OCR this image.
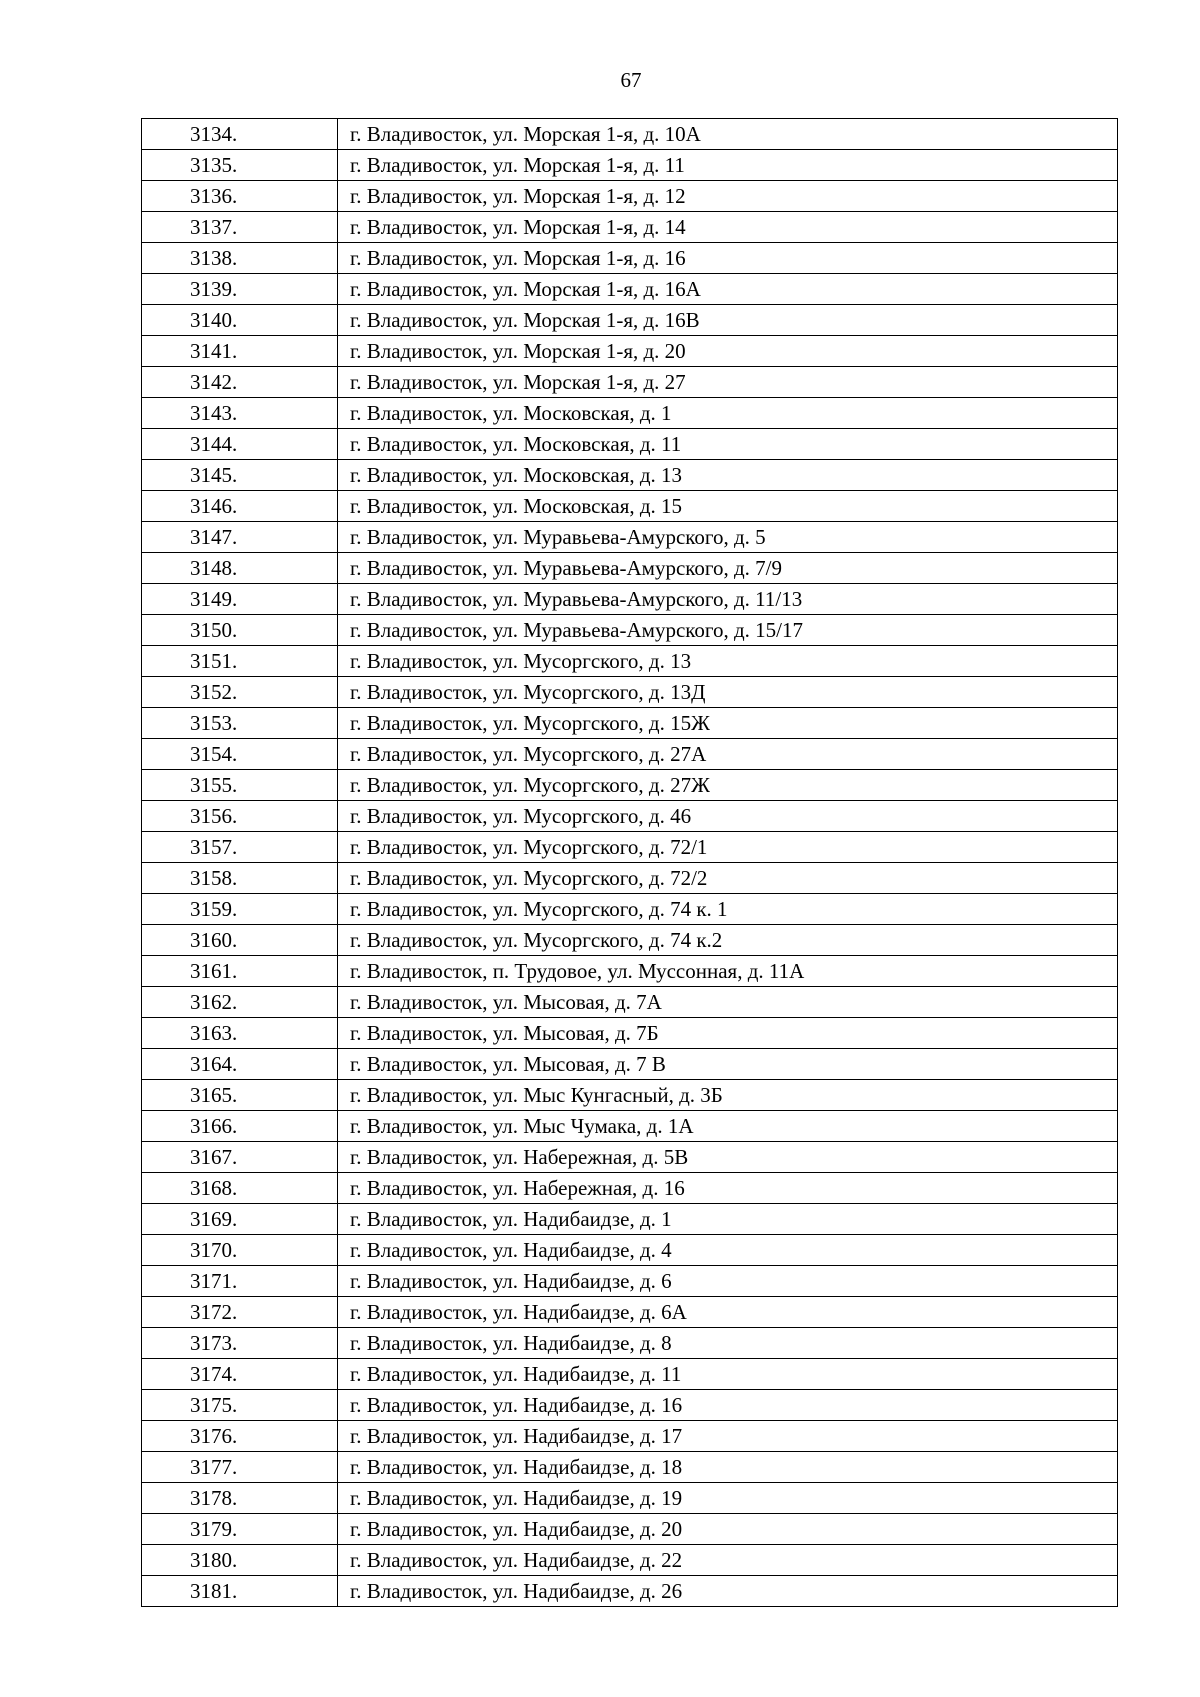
67
3134.	г. Владивосток, ул. Морская 1-я, д. 10А
3135.	г. Владивосток, ул. Морская 1-я, д. 11
3136.	г. Владивосток, ул. Морская 1-я, д. 12
3137.	г. Владивосток, ул. Морская 1-я, д. 14
3138.	г. Владивосток, ул. Морская 1-я, д. 16
3139.	г. Владивосток, ул. Морская 1-я, д. 16А
3140.	г. Владивосток, ул. Морская 1-я, д. 16В
3141.	г. Владивосток, ул. Морская 1-я, д. 20
3142.	г. Владивосток, ул. Морская 1-я, д. 27
3143.	г. Владивосток, ул. Московская, д. 1
3144.	г. Владивосток, ул. Московская, д. 11
3145.	г. Владивосток, ул. Московская, д. 13
3146.	г. Владивосток, ул. Московская, д. 15
3147.	г. Владивосток, ул. Муравьева-Амурского, д. 5
3148.	г. Владивосток, ул. Муравьева-Амурского, д. 7/9
3149.	г. Владивосток, ул. Муравьева-Амурского, д. 11/13
3150.	г. Владивосток, ул. Муравьева-Амурского, д. 15/17
3151.	г. Владивосток, ул. Мусоргского, д. 13
3152.	г. Владивосток, ул. Мусоргского, д. 13Д
3153.	г. Владивосток, ул. Мусоргского, д. 15Ж
3154.	г. Владивосток, ул. Мусоргского, д. 27А
3155.	г. Владивосток, ул. Мусоргского, д. 27Ж
3156.	г. Владивосток, ул. Мусоргского, д. 46
3157.	г. Владивосток, ул. Мусоргского, д. 72/1
3158.	г. Владивосток, ул. Мусоргского, д. 72/2
3159.	г. Владивосток, ул. Мусоргского, д. 74 к. 1
3160.	г. Владивосток, ул. Мусоргского, д. 74 к.2
3161.	г. Владивосток, п. Трудовое, ул. Муссонная, д. 11А
3162.	г. Владивосток, ул. Мысовая, д. 7А
3163.	г. Владивосток, ул. Мысовая, д. 7Б
3164.	г. Владивосток, ул. Мысовая, д. 7 В
3165.	г. Владивосток, ул. Мыс Кунгасный, д. 3Б
3166.	г. Владивосток, ул. Мыс Чумака, д. 1А
3167.	г. Владивосток, ул. Набережная, д. 5В
3168.	г. Владивосток, ул. Набережная, д. 16
3169.	г. Владивосток, ул. Надибаидзе, д. 1
3170.	г. Владивосток, ул. Надибаидзе, д. 4
3171.	г. Владивосток, ул. Надибаидзе, д. 6
3172.	г. Владивосток, ул. Надибаидзе, д. 6А
3173.	г. Владивосток, ул. Надибаидзе, д. 8
3174.	г. Владивосток, ул. Надибаидзе, д. 11
3175.	г. Владивосток, ул. Надибаидзе, д. 16
3176.	г. Владивосток, ул. Надибаидзе, д. 17
3177.	г. Владивосток, ул. Надибаидзе, д. 18
3178.	г. Владивосток, ул. Надибаидзе, д. 19
3179.	г. Владивосток, ул. Надибаидзе, д. 20
3180.	г. Владивосток, ул. Надибаидзе, д. 22
3181.	г. Владивосток, ул. Надибаидзе, д. 26
